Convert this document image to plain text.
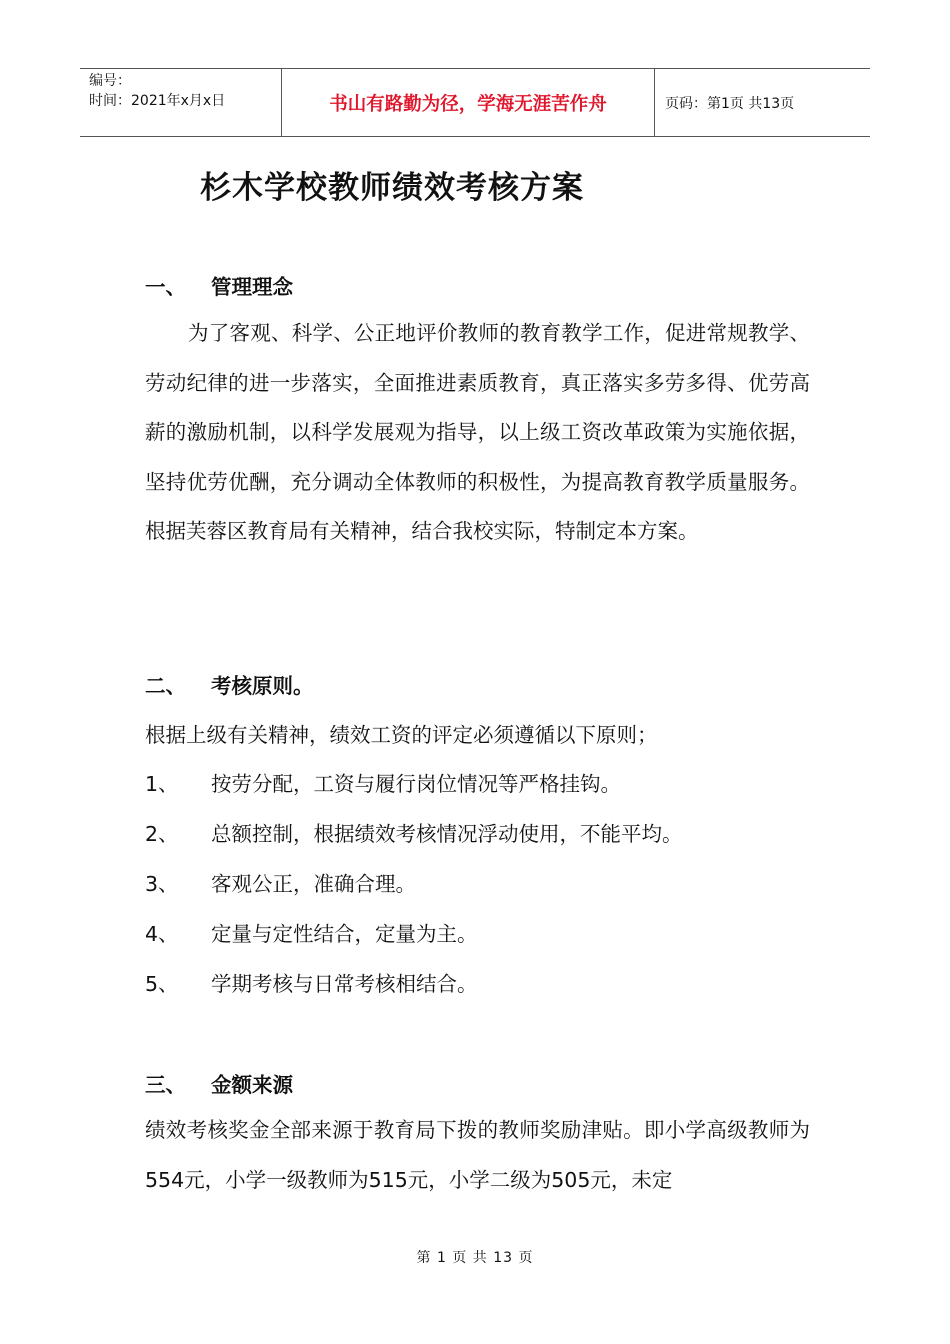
编号：
时间：2021年x月x日	书山有路勤为径，学海无涯苦作舟	页码：第1页 共13页
杉木学校教师绩效考核方案
一、 管理理念
为了客观、科学、公正地评价教师的教育教学工作，促进常规教学、劳动纪律的进一步落实，全面推进素质教育，真正落实多劳多得、优劳高薪的激励机制，以科学发展观为指导，以上级工资改革政策为实施依据，坚持优劳优酬，充分调动全体教师的积极性，为提高教育教学质量服务。根据芙蓉区教育局有关精神，结合我校实际，特制定本方案。
二、 考核原则。
根据上级有关精神，绩效工资的评定必须遵循以下原则；
1、 按劳分配，工资与履行岗位情况等严格挂钩。
2、 总额控制，根据绩效考核情况浮动使用，不能平均。
3、 客观公正，准确合理。
4、 定量与定性结合，定量为主。
5、 学期考核与日常考核相结合。
三、 金额来源
绩效考核奖金全部来源于教育局下拨的教师奖励津贴。即小学高级教师为554元，小学一级教师为515元，小学二级为505元，未定
第 1 页 共 13 页
